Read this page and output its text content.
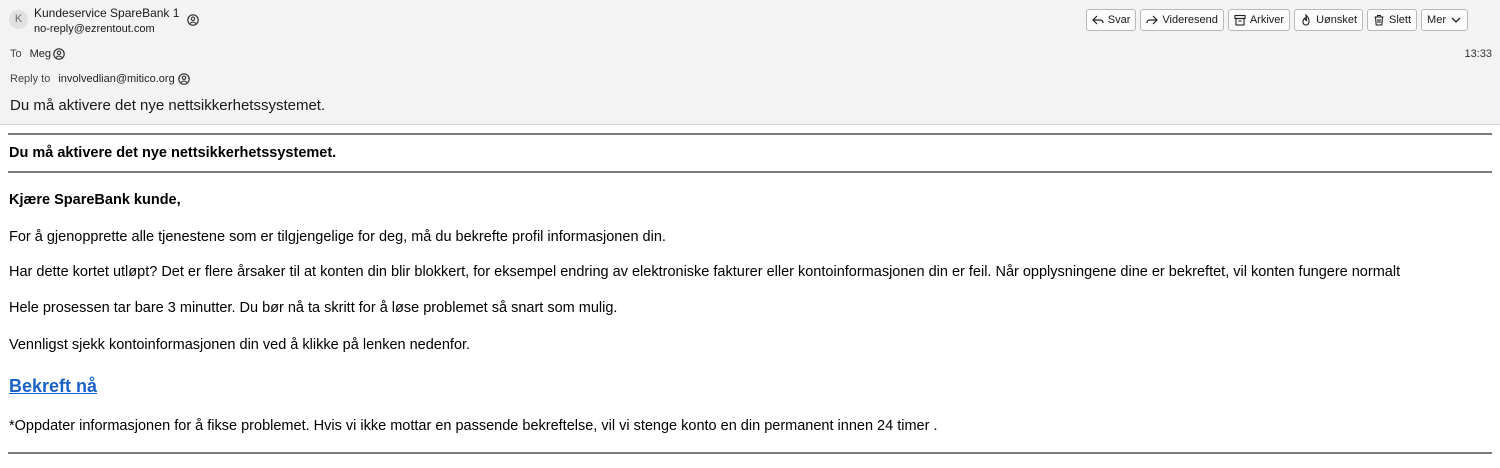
K Kundeservice SpareBank 1
no-reply@ezrentout.com
Svar	Videresend	Arkiver	Uønsket	Slett Mer
To Meg	13:33
Reply to involvedlian@mitico.org
Du må aktivere det nye nettsikkerhetssystemet.
Du må aktivere det nye nettsikkerhetssystemet.
Kjære SpareBank kunde,
For å gjenopprette alle tjenestene som er tilgjengelige for deg, må du bekrefte profil informasjonen din.
Har dette kortet utløpt? Det er flere årsaker til at konten din blir blokkert, for eksempel endring av elektroniske fakturer eller kontoinformasjonen din er feil. Når opplysningene dine er bekreftet, vil konten fungere normalt
Hele prosessen tar bare 3 minutter. Du bør nå ta skritt for å løse problemet så snart som mulig.
Vennligst sjekk kontoinformasjonen din ved å klikke på lenken nedenfor.
Bekreft nå
*Oppdater informasjonen for å fikse problemet. Hvis vi ikke mottar en passende bekreftelse, vil vi stenge konto en din permanent innen 24 timer .
